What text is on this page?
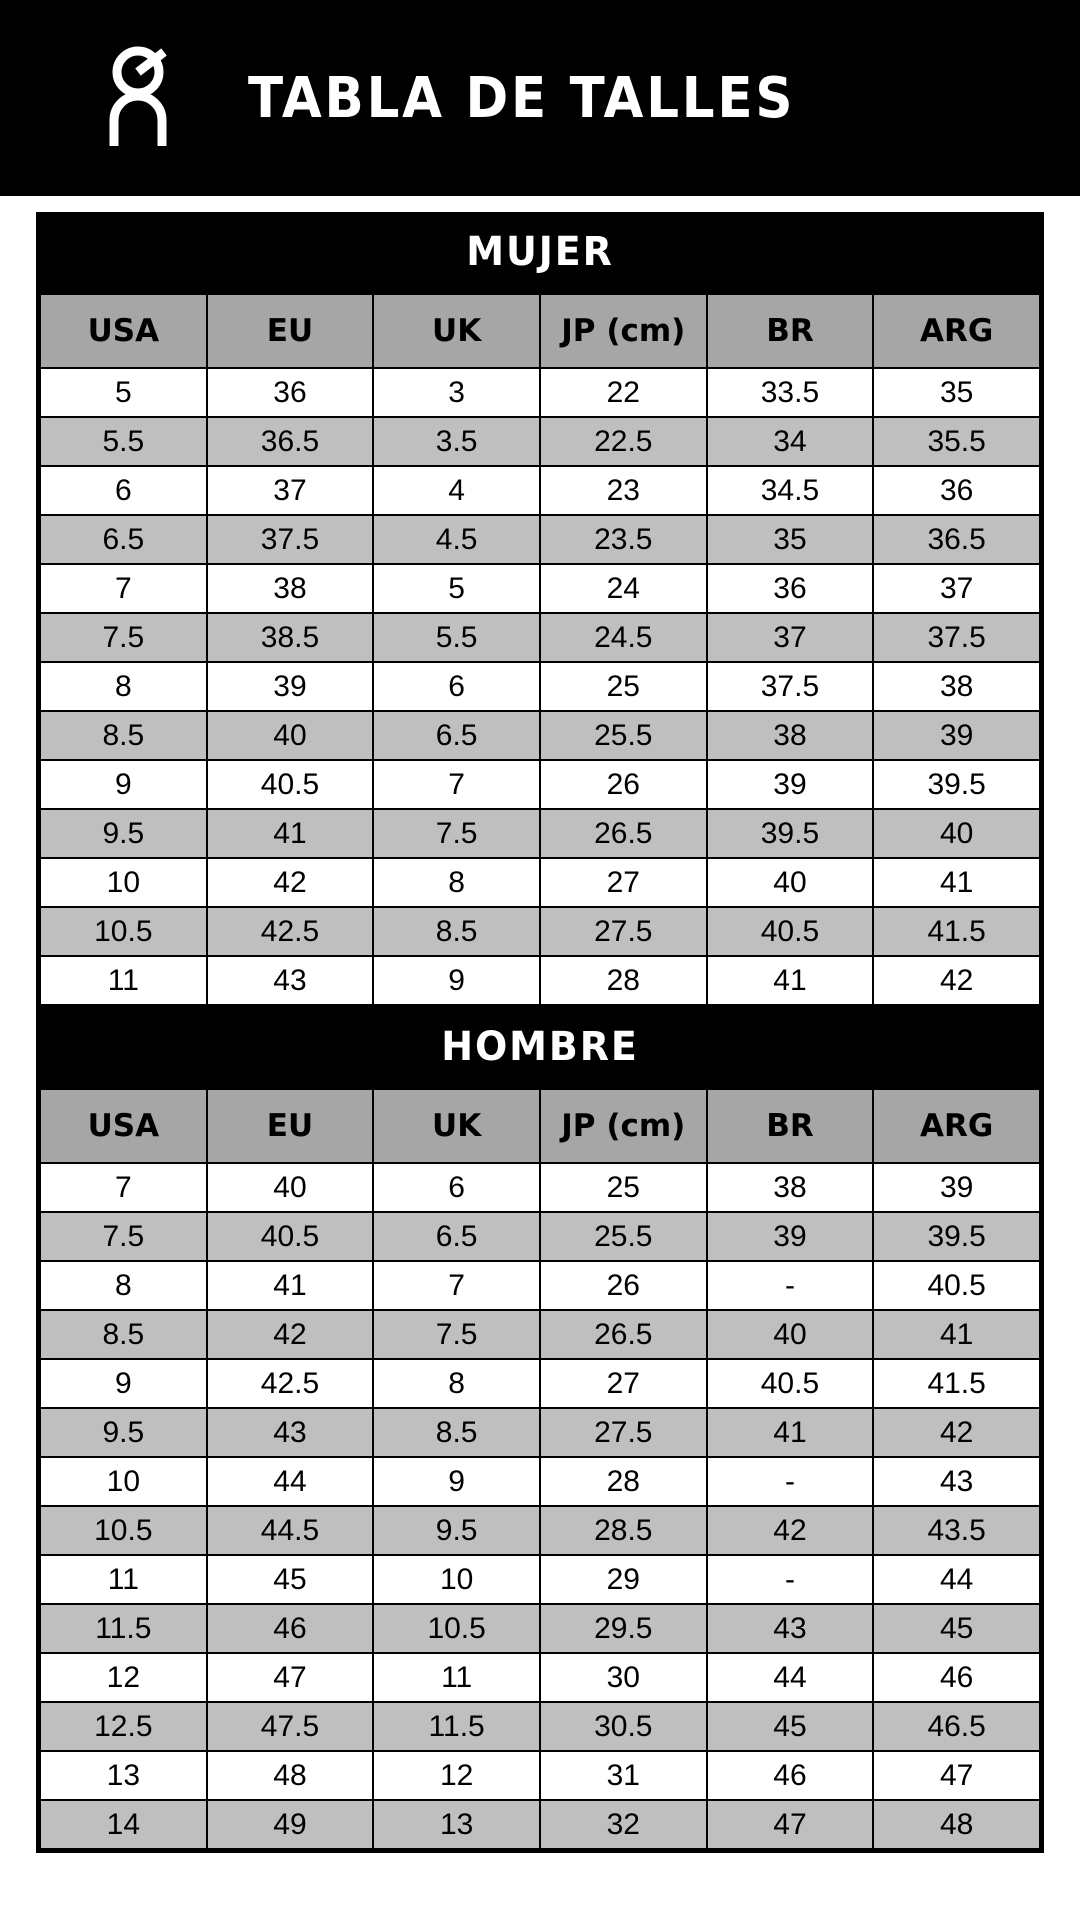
TABLA DE TALLES
MUJER
USA	EU	UK	JP (cm)	BR	ARG
5	36	3	22	33.5	35
5.5	36.5	3.5	22.5	34	35.5
6	37	4	23	34.5	36
6.5	37.5	4.5	23.5	35	36.5
7	38	5	24	36	37
7.5	38.5	5.5	24.5	37	37.5
8	39	6	25	37.5	38
8.5	40	6.5	25.5	38	39
9	40.5	7	26	39	39.5
9.5	41	7.5	26.5	39.5	40
10	42	8	27	40	41
10.5	42.5	8.5	27.5	40.5	41.5
11	43	9	28	41	42
HOMBRE
USA	EU	UK	JP (cm)	BR	ARG
7	40	6	25	38	39
7.5	40.5	6.5	25.5	39	39.5
8	41	7	26	-	40.5
8.5	42	7.5	26.5	40	41
9	42.5	8	27	40.5	41.5
9.5	43	8.5	27.5	41	42
10	44	9	28	-	43
10.5	44.5	9.5	28.5	42	43.5
11	45	10	29	-	44
11.5	46	10.5	29.5	43	45
12	47	11	30	44	46
12.5	47.5	11.5	30.5	45	46.5
13	48	12	31	46	47
14	49	13	32	47	48
